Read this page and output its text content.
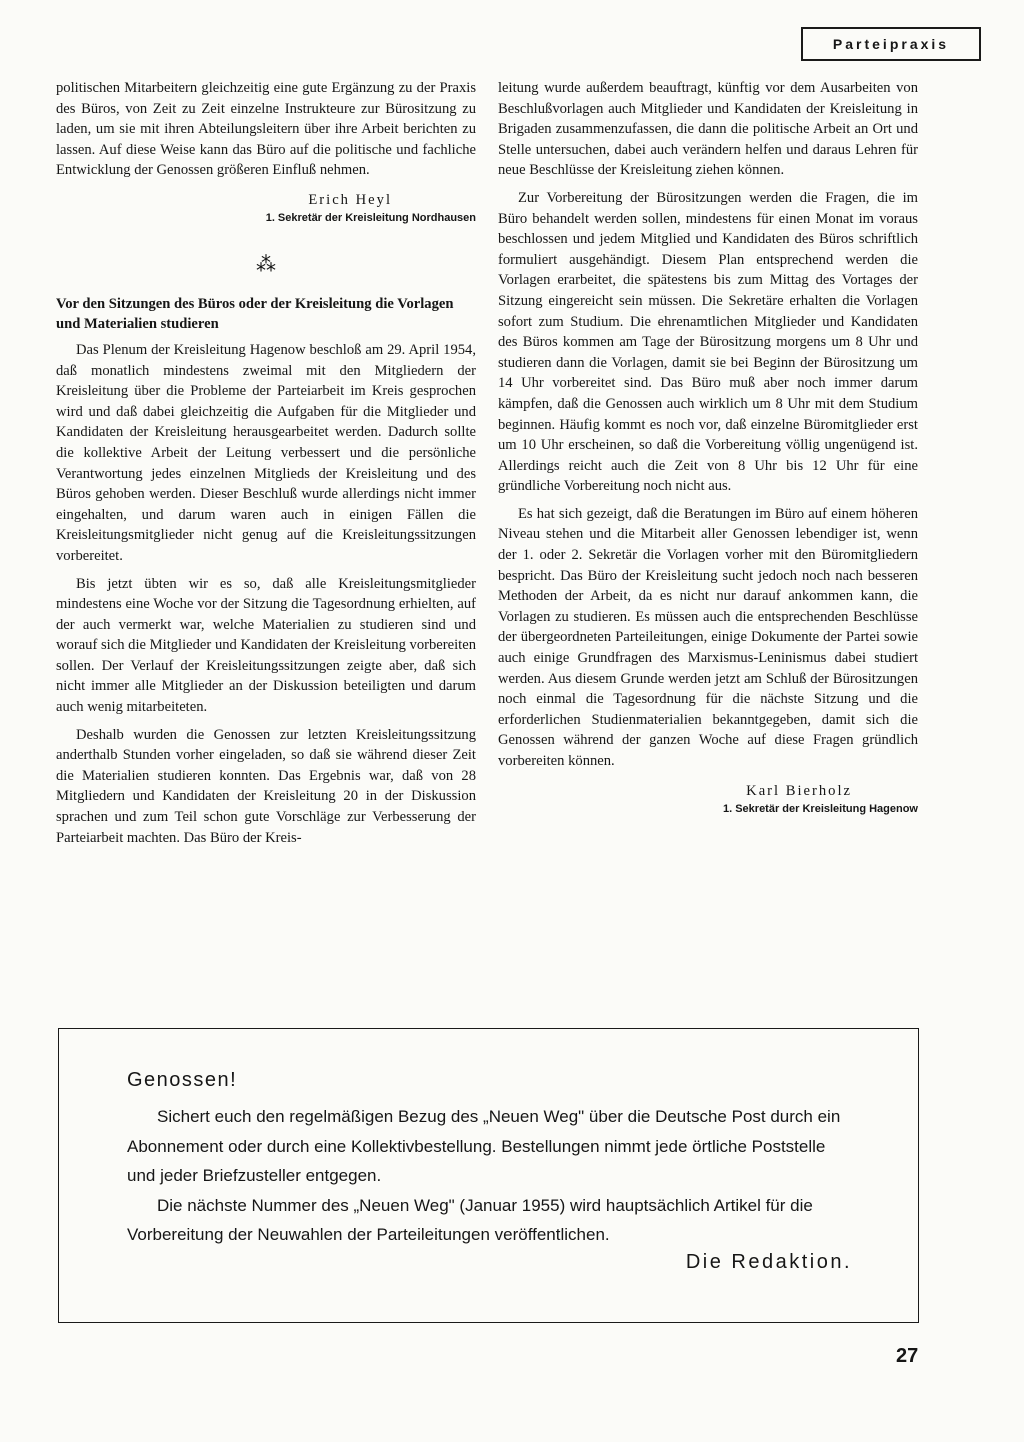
Parteipraxis

politischen Mitarbeitern gleichzeitig eine gute Ergänzung zu der Praxis des Büros, von Zeit zu Zeit einzelne Instrukteure zur Bürositzung zu laden, um sie mit ihren Abteilungsleitern über ihre Arbeit berichten zu lassen. Auf diese Weise kann das Büro auf die politische und fachliche Entwicklung der Genossen größeren Einfluß nehmen.

Erich Heyl
1. Sekretär der Kreisleitung Nordhausen
⁂
Vor den Sitzungen des Büros oder der Kreisleitung die Vorlagen und Materialien studieren

Das Plenum der Kreisleitung Hagenow beschloß am 29. April 1954, daß monatlich mindestens zweimal mit den Mitgliedern der Kreisleitung über die Probleme der Parteiarbeit im Kreis gesprochen wird und daß dabei gleichzeitig die Aufgaben für die Mitglieder und Kandidaten der Kreisleitung herausgearbeitet werden. Dadurch sollte die kollektive Arbeit der Leitung verbessert und die persönliche Verantwortung jedes einzelnen Mitglieds der Kreisleitung und des Büros gehoben werden. Dieser Beschluß wurde allerdings nicht immer eingehalten, und darum waren auch in einigen Fällen die Kreisleitungsmitglieder nicht genug auf die Kreisleitungssitzungen vorbereitet.

Bis jetzt übten wir es so, daß alle Kreisleitungsmitglieder mindestens eine Woche vor der Sitzung die Tagesordnung erhielten, auf der auch vermerkt war, welche Materialien zu studieren sind und worauf sich die Mitglieder und Kandidaten der Kreisleitung vorbereiten sollen. Der Verlauf der Kreisleitungssitzungen zeigte aber, daß sich nicht immer alle Mitglieder an der Diskussion beteiligten und darum auch wenig mitarbeiteten.

Deshalb wurden die Genossen zur letzten Kreisleitungssitzung anderthalb Stunden vorher eingeladen, so daß sie während dieser Zeit die Materialien studieren konnten. Das Ergebnis war, daß von 28 Mitgliedern und Kandidaten der Kreisleitung 20 in der Diskussion sprachen und zum Teil schon gute Vorschläge zur Verbesserung der Parteiarbeit machten. Das Büro der Kreis-

leitung wurde außerdem beauftragt, künftig vor dem Ausarbeiten von Beschlußvorlagen auch Mitglieder und Kandidaten der Kreisleitung in Brigaden zusammenzufassen, die dann die politische Arbeit an Ort und Stelle untersuchen, dabei auch verändern helfen und daraus Lehren für neue Beschlüsse der Kreisleitung ziehen können.

Zur Vorbereitung der Bürositzungen werden die Fragen, die im Büro behandelt werden sollen, mindestens für einen Monat im voraus beschlossen und jedem Mitglied und Kandidaten des Büros schriftlich formuliert ausgehändigt. Diesem Plan entsprechend werden die Vorlagen erarbeitet, die spätestens bis zum Mittag des Vortages der Sitzung eingereicht sein müssen. Die Sekretäre erhalten die Vorlagen sofort zum Studium. Die ehrenamtlichen Mitglieder und Kandidaten des Büros kommen am Tage der Bürositzung morgens um 8 Uhr und studieren dann die Vorlagen, damit sie bei Beginn der Bürositzung um 14 Uhr vorbereitet sind. Das Büro muß aber noch immer darum kämpfen, daß die Genossen auch wirklich um 8 Uhr mit dem Studium beginnen. Häufig kommt es noch vor, daß einzelne Büromitglieder erst um 10 Uhr erscheinen, so daß die Vorbereitung völlig ungenügend ist. Allerdings reicht auch die Zeit von 8 Uhr bis 12 Uhr für eine gründliche Vorbereitung noch nicht aus.

Es hat sich gezeigt, daß die Beratungen im Büro auf einem höheren Niveau stehen und die Mitarbeit aller Genossen lebendiger ist, wenn der 1. oder 2. Sekretär die Vorlagen vorher mit den Büromitgliedern bespricht. Das Büro der Kreisleitung sucht jedoch noch nach besseren Methoden der Arbeit, da es nicht nur darauf ankommen kann, die Vorlagen zu studieren. Es müssen auch die entsprechenden Beschlüsse der übergeordneten Parteileitungen, einige Dokumente der Partei sowie auch einige Grundfragen des Marxismus-Leninismus dabei studiert werden. Aus diesem Grunde werden jetzt am Schluß der Bürositzungen noch einmal die Tagesordnung für die nächste Sitzung und die erforderlichen Studienmaterialien bekanntgegeben, damit sich die Genossen während der ganzen Woche auf diese Fragen gründlich vorbereiten können.

Karl Bierholz
1. Sekretär der Kreisleitung Hagenow
Genossen!

Sichert euch den regelmäßigen Bezug des „Neuen Weg" über die Deutsche Post durch ein Abonnement oder durch eine Kollektivbestellung. Bestellungen nimmt jede örtliche Poststelle und jeder Briefzusteller entgegen.

Die nächste Nummer des „Neuen Weg" (Januar 1955) wird hauptsächlich Artikel für die Vorbereitung der Neuwahlen der Parteileitungen veröffentlichen.

Die Redaktion.
27
